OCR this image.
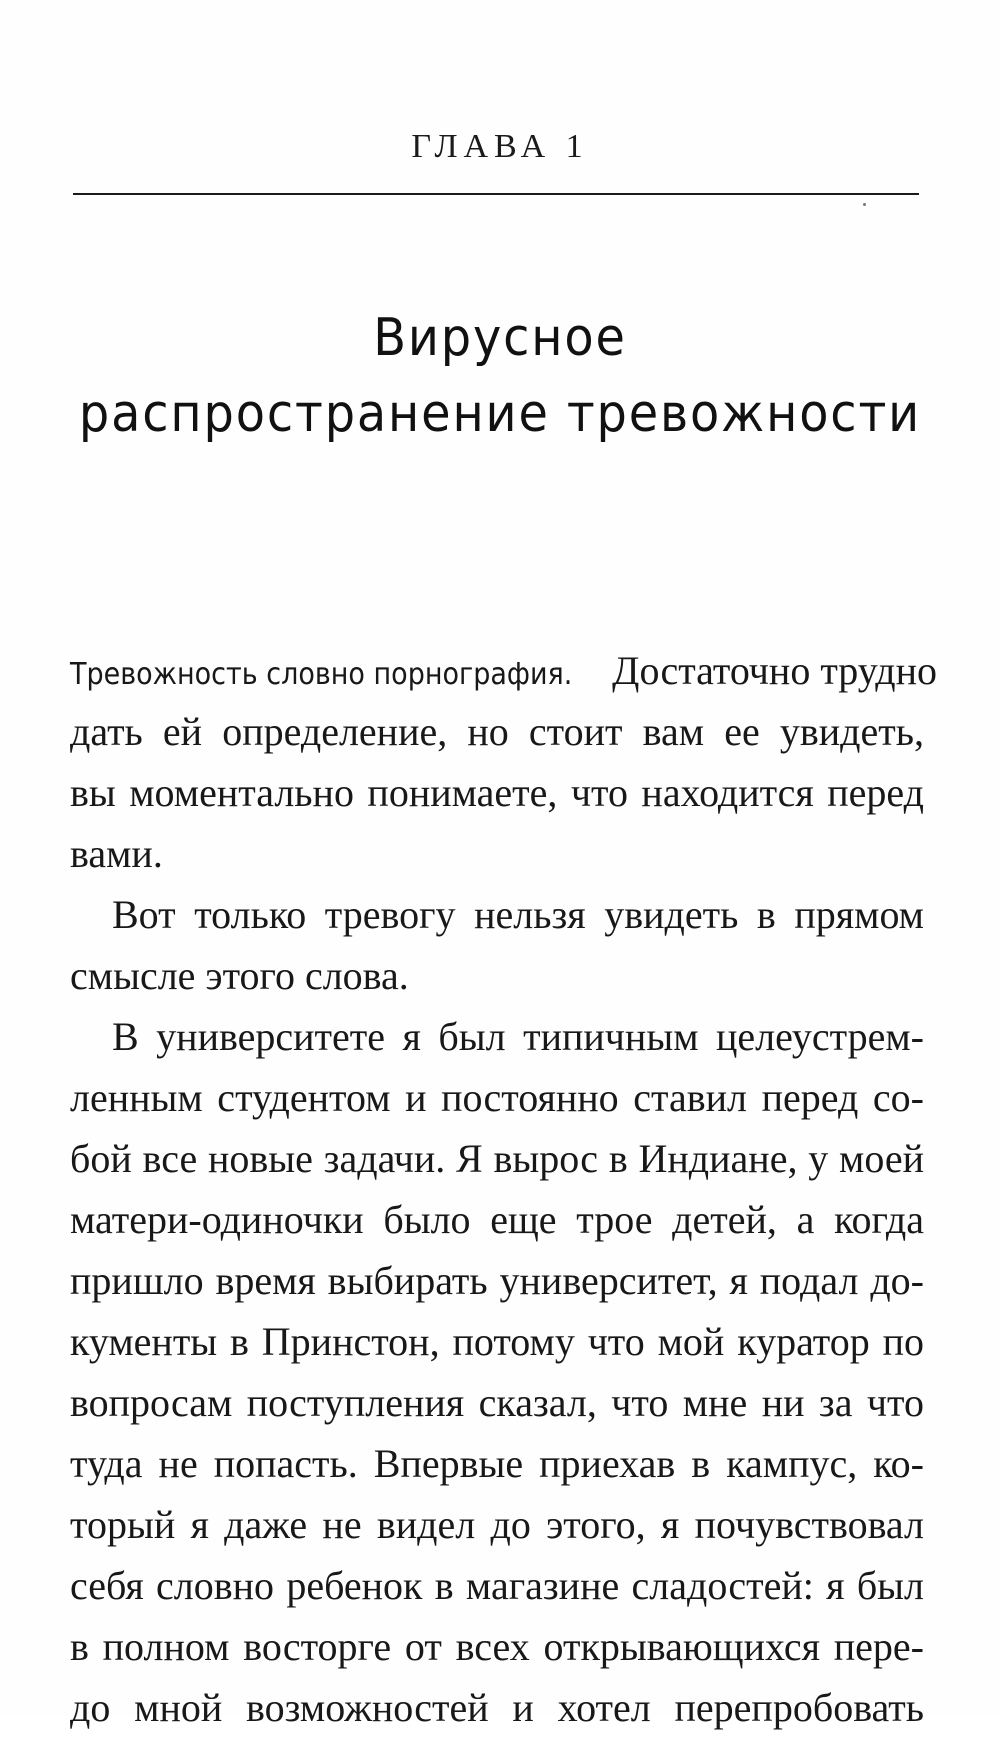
ГЛАВА 1
Вирусное
распространение тревожности
Тревожность словно порнография. Достаточно трудно
дать ей определение, но стоит вам ее увидеть,
вы моментально понимаете, что находится перед
вами.
Вот только тревогу нельзя увидеть в прямом
смысле этого слова.
В университете я был типичным целеустрем-
ленным студентом и постоянно ставил перед со-
бой все новые задачи. Я вырос в Индиане, у моей
матери-одиночки было еще трое детей, а когда
пришло время выбирать университет, я подал до-
кументы в Принстон, потому что мой куратор по
вопросам поступления сказал, что мне ни за что
туда не попасть. Впервые приехав в кампус, ко-
торый я даже не видел до этого, я почувствовал
себя словно ребенок в магазине сладостей: я был
в полном восторге от всех открывающихся пере-
до мной возможностей и хотел перепробовать
